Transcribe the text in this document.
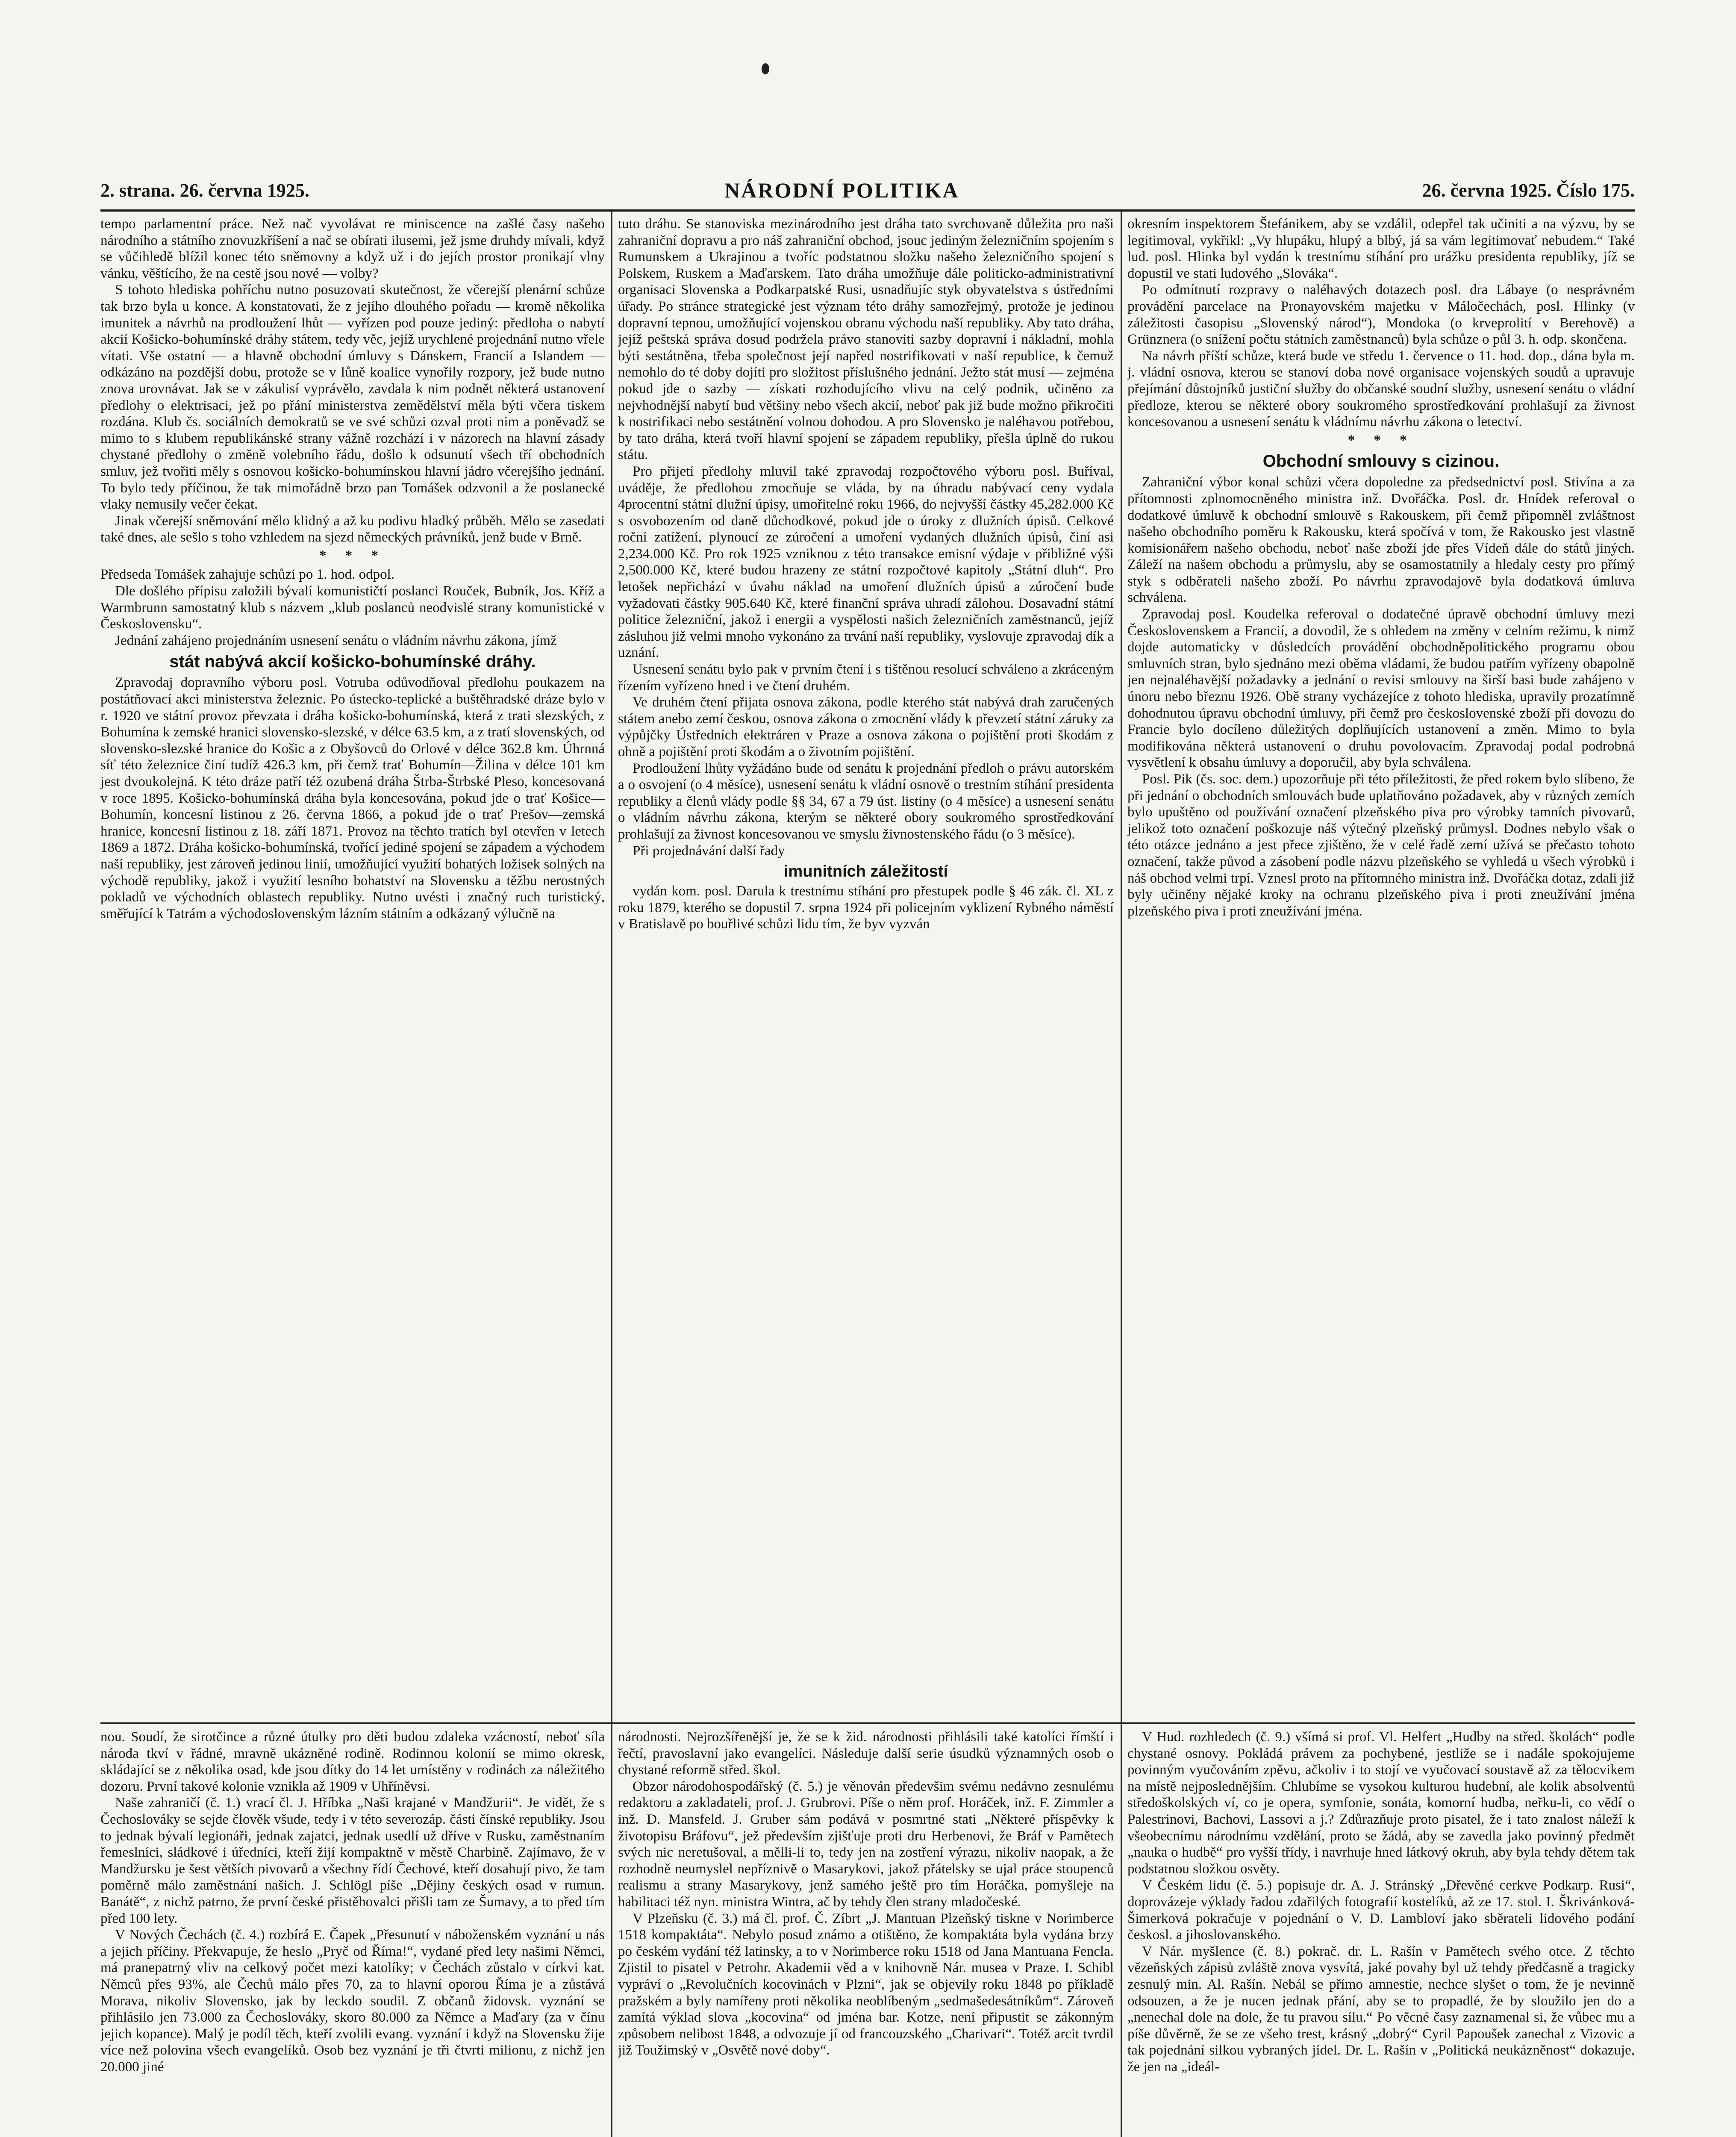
2. strana. 26. června 1925.	NÁRODNÍ POLITIKA	26. června 1925. Číslo 175.

tempo parlamentní práce. Než nač vyvolávat re miniscence na zašlé časy našeho národního a státního znovuzkříšení a nač se obírati ilusemi, jež jsme druhdy mívali, když se vůčihledě blížil konec této sněmovny a když už i do jejích prostor pronikají vlny vánku, věštícího, že na cestě jsou nové — volby?

S tohoto hlediska pohříchu nutno posuzovati skutečnost, že včerejší plenární schůze tak brzo byla u konce. A konstatovati, že z jejího dlouhého pořadu — kromě několika imunitek a návrhů na prodloužení lhůt — vyřízen pod pouze jediný: předloha o nabytí akcií Košicko-bohumínské dráhy státem, tedy věc, jejíž urychlené projednání nutno vřele vítati. Vše ostatní — a hlavně obchodní úmluvy s Dánskem, Francií a Islandem — odkázáno na pozdější dobu, protože se v lůně koalice vynořily rozpory, jež bude nutno znova urovnávat. Jak se v zákulisí vyprávělo, zavdala k nim podnět některá ustanovení předlohy o elektrisaci, jež po přání ministerstva zemědělství měla býti včera tiskem rozdána. Klub čs. sociálních demokratů se ve své schůzi ozval proti nim a poněvadž se mimo to s klubem republikánské strany vážně rozchází i v názorech na hlavní zásady chystané předlohy o změně volebního řádu, došlo k odsunutí všech tří obchodních smluv, jež tvořiti měly s osnovou košicko-bohumínskou hlavní jádro včerejšího jednání. To bylo tedy příčinou, že tak mimořádně brzo pan Tomášek odzvonil a že poslanecké vlaky nemusily večer čekat.

Jinak včerejší sněmování mělo klidný a až ku podivu hladký průběh. Mělo se zasedati také dnes, ale sešlo s toho vzhledem na sjezd německých právníků, jenž bude v Brně.

* * *

Předseda Tomášek zahajuje schůzi po 1. hod. odpol.

Dle došlého přípisu založili bývalí komunističtí poslanci Rouček, Bubník, Jos. Kříž a Warmbrunn samostatný klub s názvem „klub poslanců neodvislé strany komunistické v Československu“.

Jednání zahájeno projednáním usnesení senátu o vládním návrhu zákona, jímž

stát nabývá akcií košicko-bohumínské dráhy.

Zpravodaj dopravního výboru posl. Votruba odůvodňoval předlohu poukazem na postátňovací akci ministerstva železnic. Po ústecko-teplické a buštěhradské dráze bylo v r. 1920 ve státní provoz převzata i dráha košicko-bohumínská, která z trati slezských, z Bohumína k zemské hranici slovensko-slezské, v délce 63.5 km, a z tratí slovenských, od slovensko-slezské hranice do Košic a z Obyšovců do Orlové v délce 362.8 km. Úhrnná síť této železnice činí tudíž 426.3 km, při čemž trať Bohumín—Žilina v délce 101 km jest dvoukolejná. K této dráze patří též ozubená dráha Štrba-Štrbské Pleso, koncesovaná v roce 1895. Košicko-bohumínská dráha byla koncesována, pokud jde o trať Košice—Bohumín, koncesní listinou z 26. června 1866, a pokud jde o trať Prešov—zemská hranice, koncesní listinou z 18. září 1871. Provoz na těchto tratích byl otevřen v letech 1869 a 1872. Dráha košicko-bohumínská, tvořící jediné spojení se západem a východem naší republiky, jest zároveň jedinou linií, umožňující využití bohatých ložisek solných na východě republiky, jakož i využití lesního bohatství na Slovensku a těžbu nerostných pokladů ve východních oblastech republiky. Nutno uvésti i značný ruch turistický, směřující k Tatrám a východoslovenským lázním státním a odkázaný výlučně na

tuto dráhu. Se stanoviska mezinárodního jest dráha tato svrchovaně důležita pro naši zahraniční dopravu a pro náš zahraniční obchod, jsouc jediným železničním spojením s Rumunskem a Ukrajinou a tvoříc podstatnou složku našeho železničního spojení s Polskem, Ruskem a Maďarskem. Tato dráha umožňuje dále politicko-administrativní organisaci Slovenska a Podkarpatské Rusi, usnadňujíc styk obyvatelstva s ústředními úřady. Po stránce strategické jest význam této dráhy samozřejmý, protože je jedinou dopravní tepnou, umožňující vojenskou obranu východu naší republiky. Aby tato dráha, jejíž peštská správa dosud podržela právo stanoviti sazby dopravní i nákladní, mohla býti sestátněna, třeba společnost její napřed nostrifikovati v naší republice, k čemuž nemohlo do té doby dojíti pro složitost příslušného jednání. Ježto stát musí — zejména pokud jde o sazby — získati rozhodujícího vlivu na celý podnik, učiněno za nejvhodnější nabytí bud většiny nebo všech akcií, neboť pak již bude možno přikročiti k nostrifikaci nebo sestátnění volnou dohodou. A pro Slovensko je naléhavou potřebou, by tato dráha, která tvoří hlavní spojení se západem republiky, přešla úplně do rukou státu.

Pro přijetí předlohy mluvil také zpravodaj rozpočtového výboru posl. Buříval, uváděje, že předlohou zmocňuje se vláda, by na úhradu nabývací ceny vydala 4procentní státní dlužní úpisy, umořitelné roku 1966, do nejvyšší částky 45,282.000 Kč s osvobozením od daně důchodkové, pokud jde o úroky z dlužních úpisů. Celkové roční zatížení, plynoucí ze zúročení a umoření vydaných dlužních úpisů, činí asi 2,234.000 Kč. Pro rok 1925 vzniknou z této transakce emisní výdaje v přibližné výši 2,500.000 Kč, které budou hrazeny ze státní rozpočtové kapitoly „Státní dluh“. Pro letošek nepřichází v úvahu náklad na umoření dlužních úpisů a zúročení bude vyžadovati částky 905.640 Kč, které finanční správa uhradí zálohou. Dosavadní státní politice železniční, jakož i energii a vyspělosti našich železničních zaměstnanců, jejíž zásluhou již velmi mnoho vykonáno za trvání naší republiky, vyslovuje zpravodaj dík a uznání.

Usnesení senátu bylo pak v prvním čtení i s tištěnou resolucí schváleno a zkráceným řízením vyřízeno hned i ve čtení druhém.

Ve druhém čtení přijata osnova zákona, podle kterého stát nabývá drah zaručených státem anebo zemí českou, osnova zákona o zmocnění vlády k převzetí státní záruky za výpůjčky Ústředních elektráren v Praze a osnova zákona o pojištění proti škodám z ohně a pojištění proti škodám a o životním pojištění.

Prodloužení lhůty vyžádáno bude od senátu k projednání předloh o právu autorském a o osvojení (o 4 měsíce), usnesení senátu k vládní osnově o trestním stíhání presidenta republiky a členů vlády podle §§ 34, 67 a 79 úst. listiny (o 4 měsíce) a usnesení senátu o vládním návrhu zákona, kterým se některé obory soukromého sprostředkování prohlašují za živnost koncesovanou ve smyslu živnostenského řádu (o 3 měsíce).

Při projednávání další řady

imunitních záležitostí

vydán kom. posl. Darula k trestnímu stíhání pro přestupek podle § 46 zák. čl. XL z roku 1879, kterého se dopustil 7. srpna 1924 při policejním vyklizení Rybného náměstí v Bratislavě po bouřlivé schůzi lidu tím, že byv vyzván

okresním inspektorem Štefánikem, aby se vzdálil, odepřel tak učiniti a na výzvu, by se legitimoval, vykřikl: „Vy hlupáku, hlupý a blbý, já sa vám legitimovať nebudem.“ Také lud. posl. Hlinka byl vydán k trestnímu stíhání pro urážku presidenta republiky, jíž se dopustil ve stati ludového „Slováka“.

Po odmítnutí rozpravy o naléhavých dotazech posl. dra Lábaye (o nesprávném provádění parcelace na Pronayovském majetku v Máločechách, posl. Hlinky (v záležitosti časopisu „Slovenský národ“), Mondoka (o krveprolití v Berehově) a Grünznera (o snížení počtu státních zaměstnanců) byla schůze o půl 3. h. odp. skončena.

Na návrh příští schůze, která bude ve středu 1. července o 11. hod. dop., dána byla m. j. vládní osnova, kterou se stanoví doba nové organisace vojenských soudů a upravuje přejímání důstojníků justiční služby do občanské soudní služby, usnesení senátu o vládní předloze, kterou se některé obory soukromého sprostředkování prohlašují za živnost koncesovanou a usnesení senátu k vládnímu návrhu zákona o letectví.

* * *
Obchodní smlouvy s cizinou.

Zahraniční výbor konal schůzi včera dopoledne za předsednictví posl. Stivína a za přítomnosti zplnomocněného ministra inž. Dvořáčka. Posl. dr. Hnídek referoval o dodatkové úmluvě k obchodní smlouvě s Rakouskem, při čemž připomněl zvláštnost našeho obchodního poměru k Rakousku, která spočívá v tom, že Rakousko jest vlastně komisionářem našeho obchodu, neboť naše zboží jde přes Vídeň dále do států jiných. Záleží na našem obchodu a průmyslu, aby se osamostatnily a hledaly cesty pro přímý styk s odběrateli našeho zboží. Po návrhu zpravodajově byla dodatková úmluva schválena.

Zpravodaj posl. Koudelka referoval o dodatečné úpravě obchodní úmluvy mezi Československem a Francií, a dovodil, že s ohledem na změny v celním režimu, k nimž dojde automaticky v důsledcích provádění obchodněpolitického programu obou smluvních stran, bylo sjednáno mezi oběma vládami, že budou patřím vyřízeny obapolně jen nejnaléhavější požadavky a jednání o revisi smlouvy na širší basi bude zahájeno v únoru nebo březnu 1926. Obě strany vycházejíce z tohoto hlediska, upravily prozatímně dohodnutou úpravu obchodní úmluvy, při čemž pro československé zboží při dovozu do Francie bylo docíleno důležitých doplňujících ustanovení a změn. Mimo to byla modifikována některá ustanovení o druhu povolovacím. Zpravodaj podal podrobná vysvětlení k obsahu úmluvy a doporučil, aby byla schválena.

Posl. Pik (čs. soc. dem.) upozorňuje při této příležitosti, že před rokem bylo slíbeno, že při jednání o obchodních smlouvách bude uplatňováno požadavek, aby v různých zemích bylo upuštěno od používání označení plzeňského piva pro výrobky tamních pivovarů, jelikož toto označení poškozuje náš výtečný plzeňský průmysl. Dodnes nebylo však o této otázce jednáno a jest přece zjištěno, že v celé řadě zemí užívá se přečasto tohoto označení, takže původ a zásobení podle názvu plzeňského se vyhledá u všech výrobků i náš obchod velmi trpí. Vznesl proto na přítomného ministra inž. Dvořáčka dotaz, zdali již byly učiněny nějaké kroky na ochranu plzeňského piva i proti zneužívání jména plzeňského piva i proti zneužívání jména.

nou. Soudí, že sirotčince a různé útulky pro děti budou zdaleka vzácností, neboť síla národa tkví v řádné, mravně ukázněné rodině. Rodinnou kolonií se mimo okresk, skládající se z několika osad, kde jsou dítky do 14 let umístěny v rodinách za náležitého dozoru. První takové kolonie vznikla až 1909 v Uhříněvsi.

Naše zahraničí (č. 1.) vrací čl. J. Hříbka „Naši krajané v Mandžurii“. Je vidět, že s Čechoslováky se sejde člověk všude, tedy i v této severozáp. části čínské republiky. Jsou to jednak bývalí legionáři, jednak zajatci, jednak usedlí už dříve v Rusku, zaměstnaním řemeslníci, sládkové i úředníci, kteří žijí kompaktně v městě Charbině. Zajímavo, že v Mandžursku je šest větších pivovarů a všechny řídí Čechové, kteří dosahují pivo, že tam poměrně málo zaměstnání našich. J. Schlögl píše „Dějiny českých osad v rumun. Banátě“, z nichž patrno, že první české přistěhovalci přišli tam ze Šumavy, a to před tím před 100 lety.

V Nových Čechách (č. 4.) rozbírá E. Čapek „Přesunutí v náboženském vyznání u nás a jejich příčiny. Překvapuje, že heslo „Pryč od Říma!“, vydané před lety našimi Němci, má pranepatrný vliv na celkový počet mezi katolíky; v Čechách zůstalo v církvi kat. Němců přes 93%, ale Čechů málo přes 70, za to hlavní oporou Říma je a zůstává Morava, nikoliv Slovensko, jak by leckdo soudil. Z občanů židovsk. vyznání se přihlásilo jen 73.000 za Čechoslováky, skoro 80.000 za Němce a Maďary (za v čínu jejich kopance). Malý je podíl těch, kteří zvolili evang. vyznání i když na Slovensku žije více než polovina všech evangelíků. Osob bez vyznání je tři čtvrti milionu, z nichž jen 20.000 jiné

národnosti. Nejrozšířenější je, že se k žid. národnosti přihlásili také katolíci římští i řečtí, pravoslavní jako evangelíci. Následuje další serie úsudků významných osob o chystané reformě střed. škol.

Obzor národohospodářský (č. 5.) je věnován předevšim svému nedávno zesnulému redaktoru a zakladateli, prof. J. Grubrovi. Píše o něm prof. Horáček, inž. F. Zimmler a inž. D. Mansfeld. J. Gruber sám podává v posmrtné stati „Některé příspěvky k životopisu Bráfovu“, jež především zjišťuje proti dru Herbenovi, že Bráf v Pamětech svých nic neretušoval, a mělli-li to, tedy jen na zostření výrazu, nikoliv naopak, a že rozhodně neumyslel nepříznivě o Masarykovi, jakož přátelsky se ujal práce stoupenců realismu a strany Masarykovy, jenž samého ještě pro tím Horáčka, pomyšleje na habilitaci též nyn. ministra Wintra, ač by tehdy člen strany mladočeské.

V Plzeňsku (č. 3.) má čl. prof. Č. Zíbrt „J. Mantuan Plzeňský tiskne v Norimberce 1518 kompaktáta“. Nebylo posud známo a otištěno, že kompaktáta byla vydána brzy po českém vydání též latinsky, a to v Norimberce roku 1518 od Jana Mantuana Fencla. Zjistil to pisatel v Petrohr. Akademii věd a v knihovně Nár. musea v Praze. I. Schibl vypráví o „Revolučních kocovinách v Plzni“, jak se objevily roku 1848 po příkladě pražském a byly namířeny proti několika neoblíbeným „sedmašedesátníkům“. Zároveň zamítá výklad slova „kocovina“ od jména bar. Kotze, není připustit se zákonným způsobem nelibost 1848, a odvozuje jí od francouzského „Charivari“. Totéž arcit tvrdil již Toužimský v „Osvětě nové doby“.

V Hud. rozhledech (č. 9.) všímá si prof. Vl. Helfert „Hudby na střed. školách“ podle chystané osnovy. Pokládá právem za pochybené, jestliže se i nadále spokojujeme povinným vyučováním zpěvu, ačkoliv i to stojí ve vyučovací soustavě až za tělocvikem na místě nejposlednějším. Chlubíme se vysokou kulturou hudební, ale kolik absolventů středoškolských ví, co je opera, symfonie, sonáta, komorní hudba, neřku-li, co vědí o Palestrinovi, Bachovi, Lassovi a j.? Zdůrazňuje proto pisatel, že i tato znalost náleží k všeobecnímu národnímu vzdělání, proto se žádá, aby se zavedla jako povinný předmět „nauka o hudbě“ pro vyšší třídy, i navrhuje hned látkový okruh, aby byla tehdy dětem tak podstatnou složkou osvěty.

V Českém lidu (č. 5.) popisuje dr. A. J. Stránský „Dřevěné cerkve Podkarp. Rusi“, doprovázeje výklady řadou zdařilých fotografií kostelíků, až ze 17. stol. I. Škrivánková-Šimerková pokračuje v pojednání o V. D. Lambloví jako sběrateli lidového podání českosl. a jihoslovanského.

V Nár. myšlence (č. 8.) pokrač. dr. L. Rašín v Pamětech svého otce. Z těchto vězeňských zápisů zvláště znova vysvítá, jaké povahy byl už tehdy předčasně a tragicky zesnulý min. Al. Rašín. Nebál se přímo amnestie, nechce slyšet o tom, že je nevinně odsouzen, a že je nucen jednak přání, aby se to propadlé, že by sloužilo jen do a „nenechal dole na dole, že tu pravou sílu.“ Po věcné časy zaznamenal si, že vůbec mu a píše důvěrně, že se ze všeho trest, krásný „dobrý“ Cyril Papoušek zanechal z Vizovic a tak pojednání silkou vybraných jídel. Dr. L. Rašín v „Politická neukázněnost“ dokazuje, že jen na „ideál-
